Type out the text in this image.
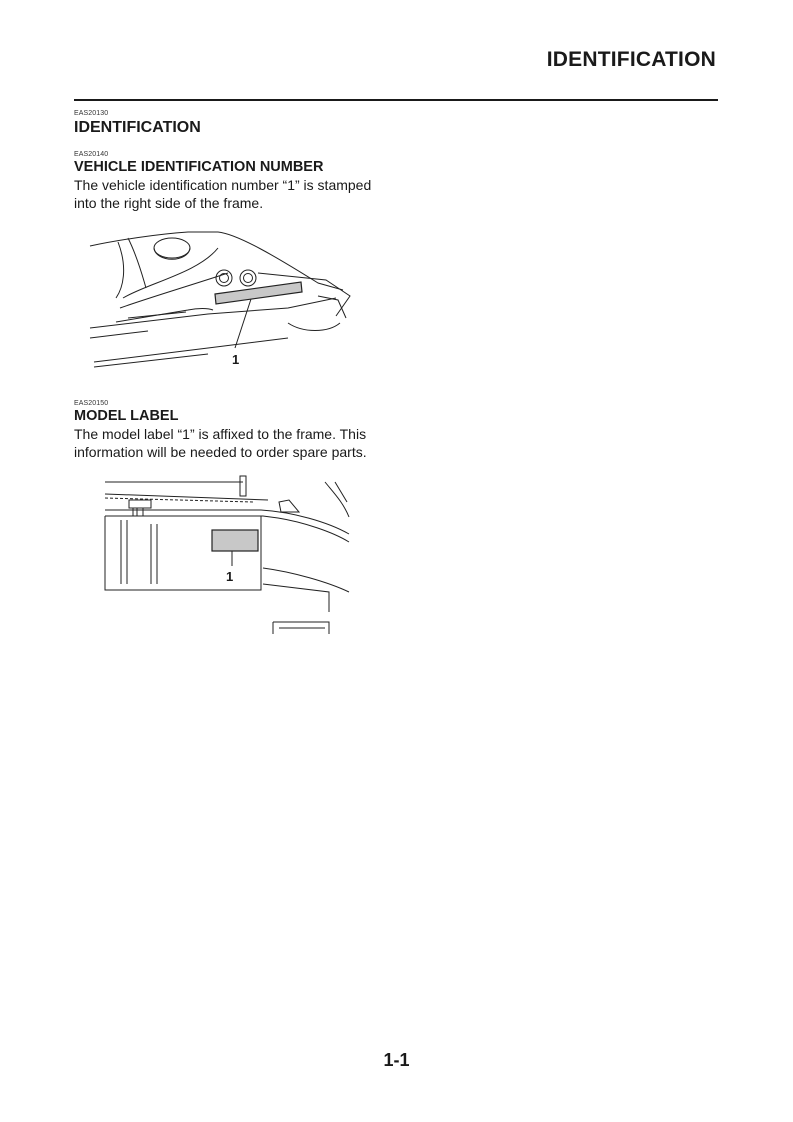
IDENTIFICATION
EAS20130
IDENTIFICATION
EAS20140
VEHICLE IDENTIFICATION NUMBER

The vehicle identification number “1” is stamped

into the right side of the frame.

1
EAS20150
MODEL LABEL

The model label “1” is affixed to the frame. This

information will be needed to order spare parts.

1
1-1
